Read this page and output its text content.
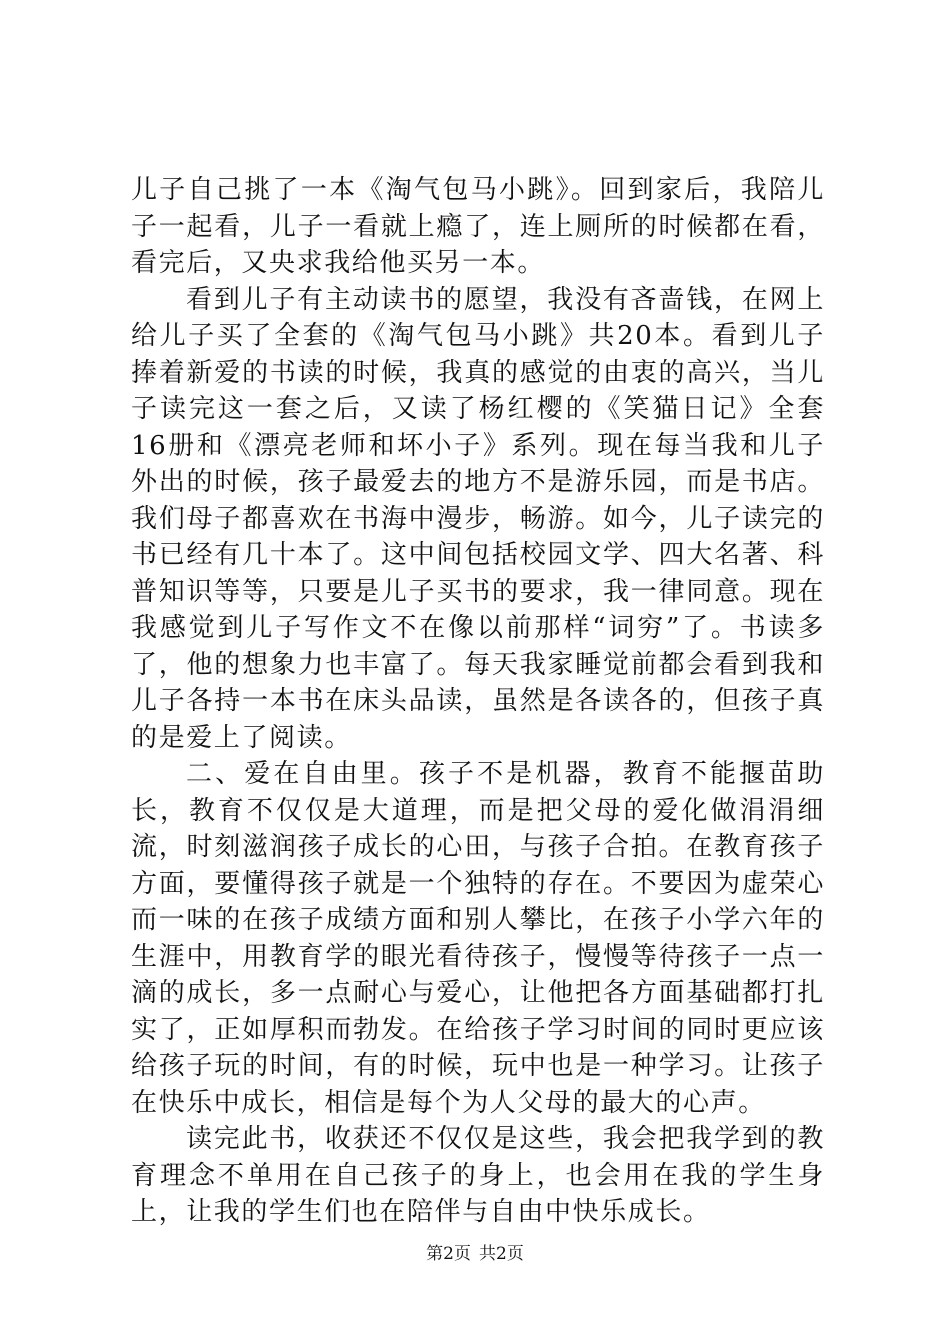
儿子自己挑了一本《淘气包马小跳》。回到家后，我陪儿子一起看，儿子一看就上瘾了，连上厕所的时候都在看，看完后，又央求我给他买另一本。

看到儿子有主动读书的愿望，我没有吝啬钱，在网上给儿子买了全套的《淘气包马小跳》共20本。看到儿子捧着新爱的书读的时候，我真的感觉的由衷的高兴，当儿子读完这一套之后，又读了杨红樱的《笑猫日记》全套16册和《漂亮老师和坏小子》系列。现在每当我和儿子外出的时候，孩子最爱去的地方不是游乐园，而是书店。我们母子都喜欢在书海中漫步，畅游。如今，儿子读完的书已经有几十本了。这中间包括校园文学、四大名著、科普知识等等，只要是儿子买书的要求，我一律同意。现在我感觉到儿子写作文不在像以前那样“词穷”了。书读多了，他的想象力也丰富了。每天我家睡觉前都会看到我和儿子各持一本书在床头品读，虽然是各读各的，但孩子真的是爱上了阅读。

二、爱在自由里。孩子不是机器，教育不能揠苗助长，教育不仅仅是大道理，而是把父母的爱化做涓涓细流，时刻滋润孩子成长的心田，与孩子合拍。在教育孩子方面，要懂得孩子就是一个独特的存在。不要因为虚荣心而一味的在孩子成绩方面和别人攀比，在孩子小学六年的生涯中，用教育学的眼光看待孩子，慢慢等待孩子一点一滴的成长，多一点耐心与爱心，让他把各方面基础都打扎实了，正如厚积而勃发。在给孩子学习时间的同时更应该给孩子玩的时间，有的时候，玩中也是一种学习。让孩子在快乐中成长，相信是每个为人父母的最大的心声。

读完此书，收获还不仅仅是这些，我会把我学到的教育理念不单用在自己孩子的身上，也会用在我的学生身上，让我的学生们也在陪伴与自由中快乐成长。

第2页 共2页
